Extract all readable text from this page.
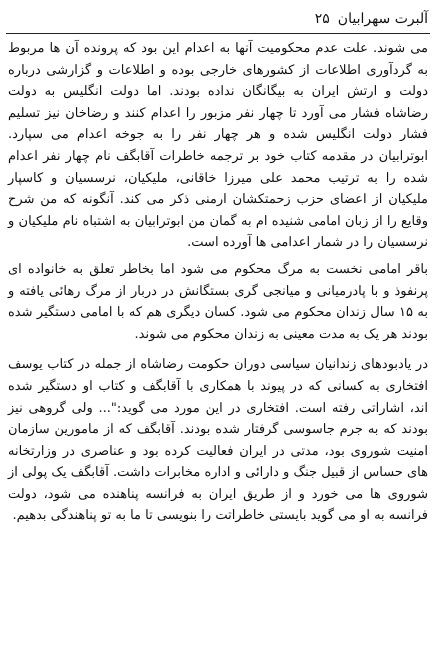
آلبرت سهرابیان
۲۵

می شوند. علت عدم محکومیت آنها به اعدام این بود که پرونده آن ها مربوط به گردآوری اطلاعات از کشورهای خارجی بوده و اطلاعات و گزارشی درباره دولت و ارتش ایران به بیگانگان نداده بودند. اما دولت انگلیس به دولت رضاشاه فشار می آورد تا چهار نفر مزبور را اعدام کنند و رضاخان نیز تسلیم فشار دولت انگلیس شده و هر چهار نفر را به جوخه اعدام می سپارد. ابوترابیان در مقدمه کتاب خود بر ترجمه خاطرات آقابگف نام چهار نفر اعدام شده را به ترتیب محمد علی میرزا خاقانی، ملیکیان، نرسسیان و کاسپار ملیکیان از اعضای حزب زحمتکشان ارمنی ذکر می کند. آنگونه که من شرح وقایع را از زبان امامی شنیده ام به گمان من ابوترابیان به اشتباه نام ملیکیان و نرسسیان را در شمار اعدامی ها آورده است.

باقر امامی نخست به مرگ محکوم می شود اما بخاطر تعلق به خانواده ای پرنفوذ و با پادرمیانی و میانجی گری بستگانش در دربار از مرگ رهائی یافته و به ۱۵ سال زندان محکوم می شود. کسان دیگری هم که با امامی دستگیر شده بودند هر یک به مدت معینی به زندان محکوم می شوند.

در یادبودهای زندانیان سیاسی دوران حکومت رضاشاه از جمله در کتاب یوسف افتخاری به کسانی که در پیوند با همکاری با آقابگف و کتاب او دستگیر شده اند، اشاراتی رفته است. افتخاری در این مورد می گوید:"... ولی گروهی نیز بودند که به جرم جاسوسی گرفتار شده بودند. آقابگف که از مامورین سازمان امنیت شوروی بود، مدتی در ایران فعالیت کرده بود و عناصری در وزارتخانه های حساس از قبیل جنگ و دارائی و اداره مخابرات داشت. آقابگف یک پولی از شوروی ها می خورد و از طریق ایران به فرانسه پناهنده می شود، دولت فرانسه به او می گوید بایستی خاطراتت را بنویسی تا ما به تو پناهندگی بدهیم.
